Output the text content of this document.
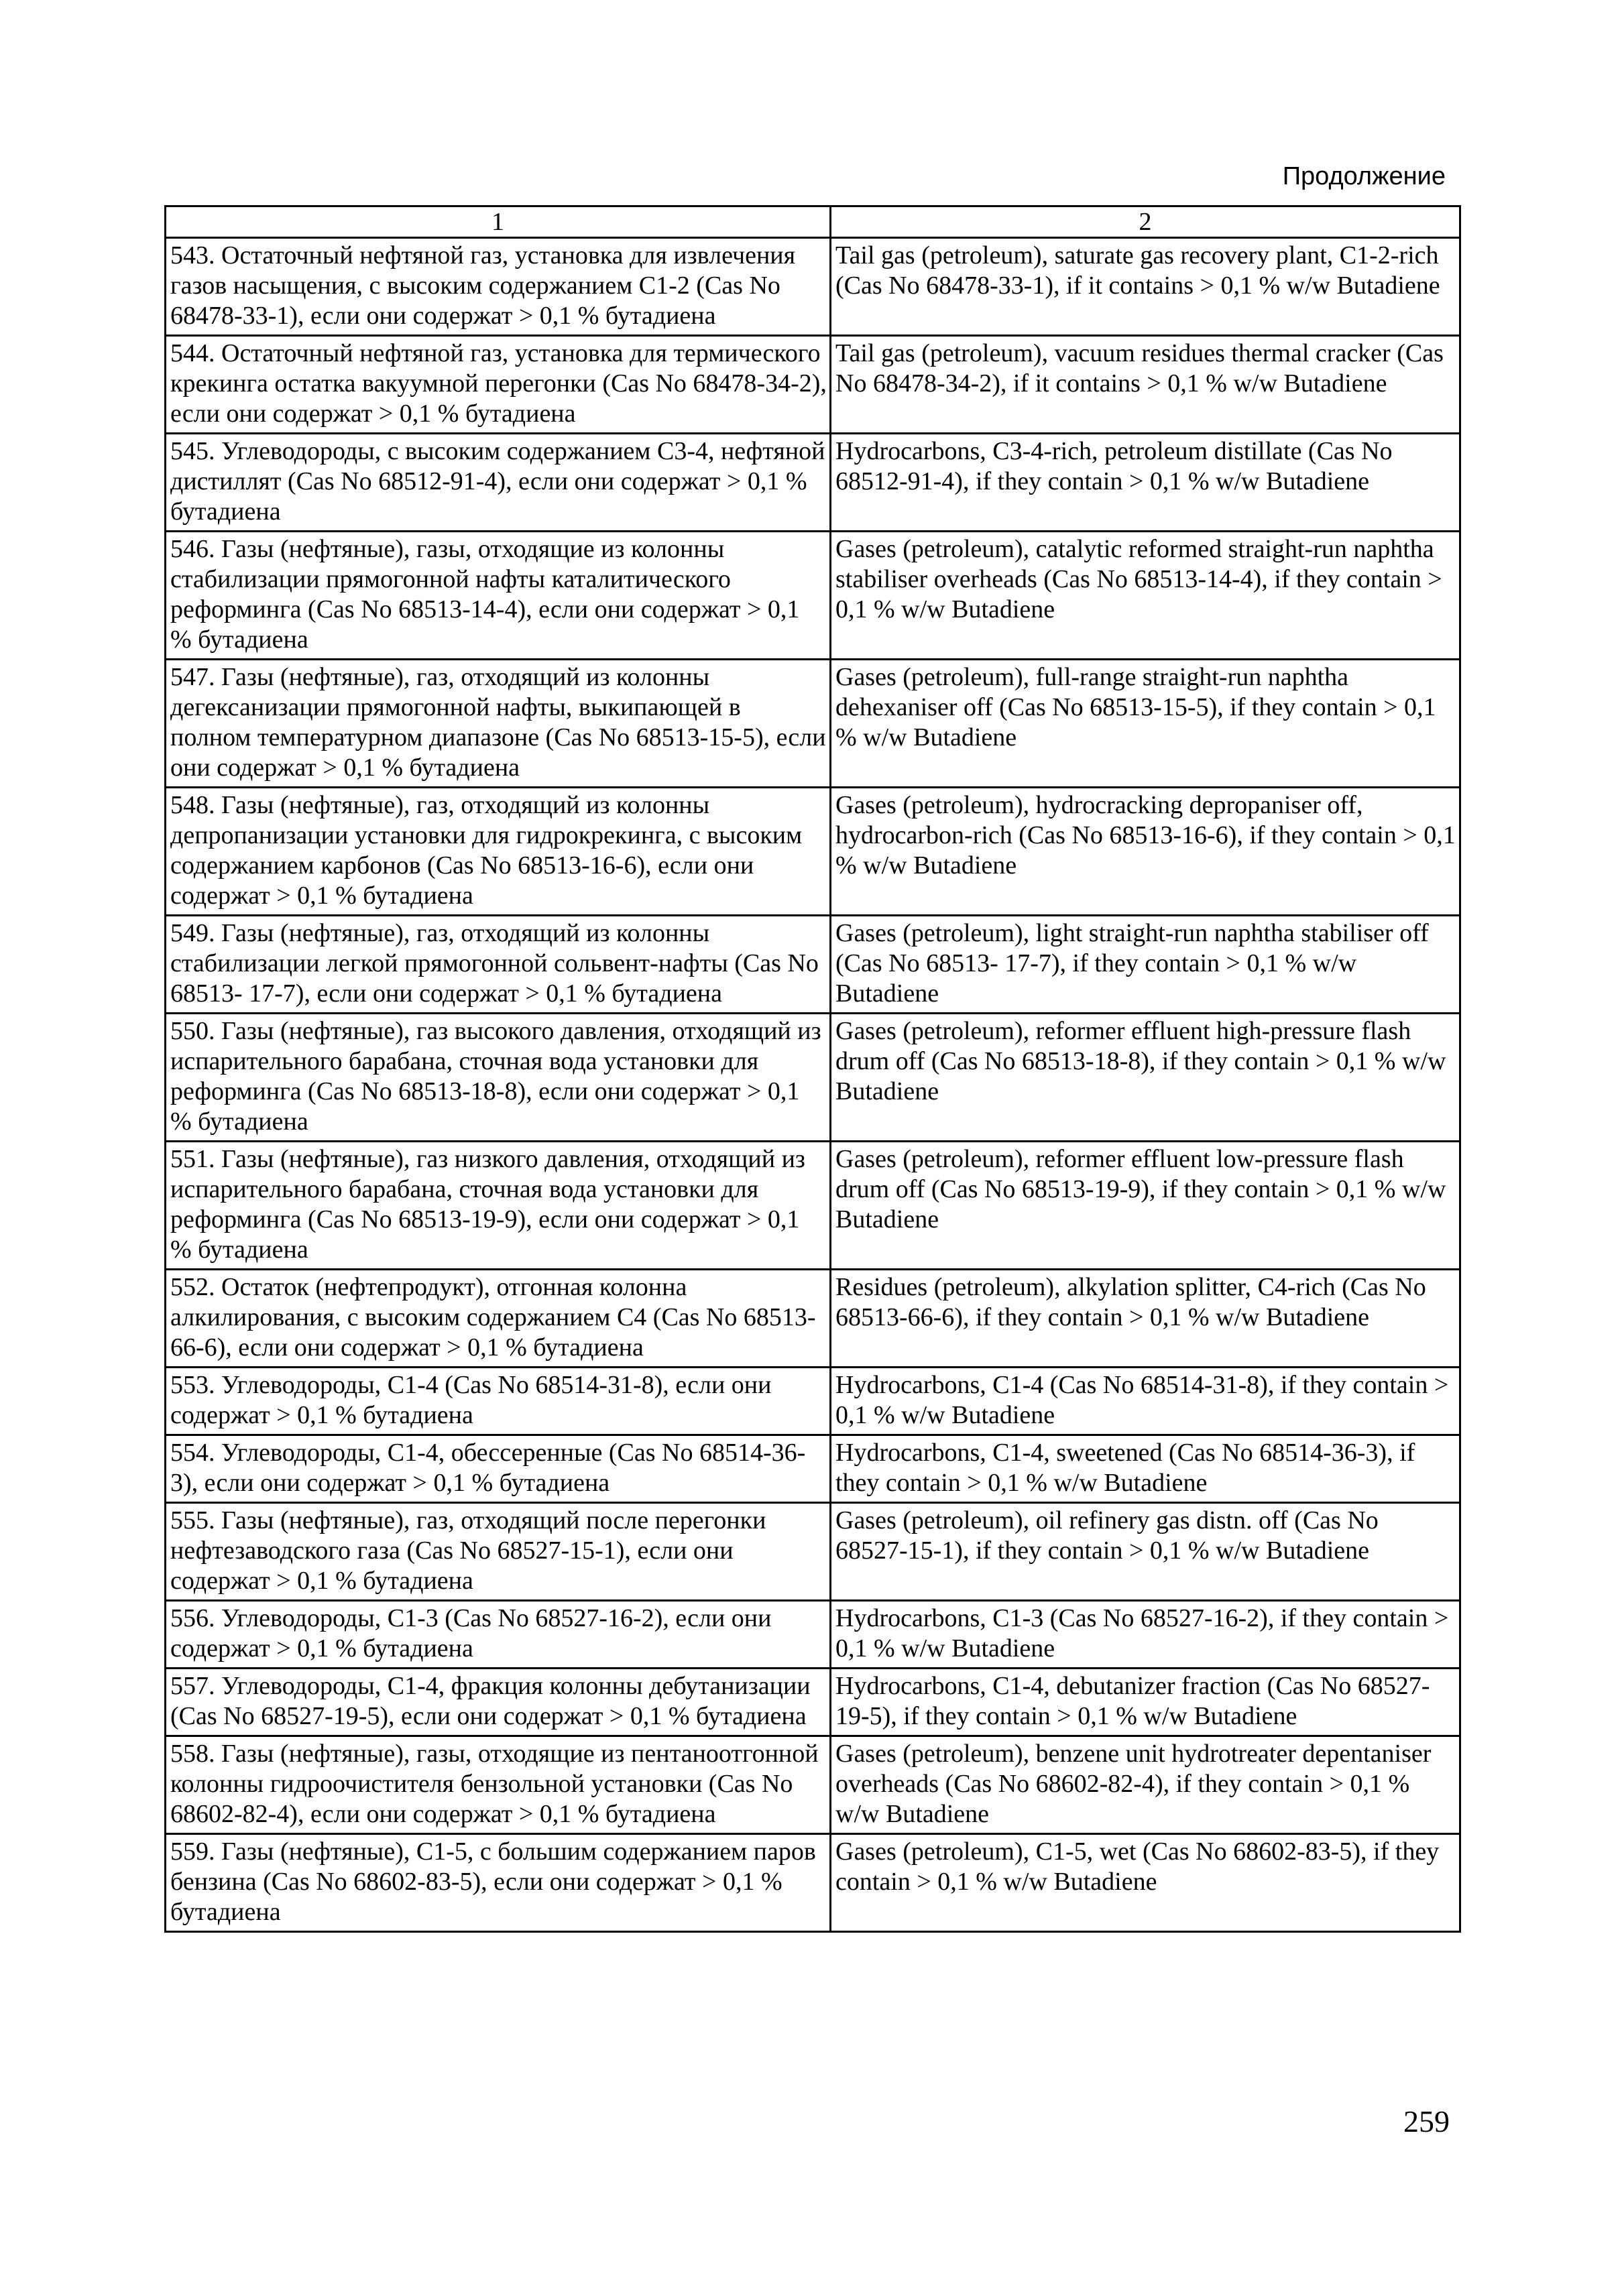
Продолжение
1	2
543. Остаточный нефтяной газ, установка для извлечения газов насыщения, с высоким содержанием C1-2 (Cas No 68478-33-1), если они содержат > 0,1 % бутадиена	Tail gas (petroleum), saturate gas recovery plant, C1-2-rich (Cas No 68478-33-1), if it contains > 0,1 % w/w Butadiene
544. Остаточный нефтяной газ, установка для термического крекинга остатка вакуумной перегонки (Cas No 68478-34-2), если они содержат > 0,1 % бутадиена	Tail gas (petroleum), vacuum residues thermal cracker (Cas No 68478-34-2), if it contains > 0,1 % w/w Butadiene
545. Углеводороды, с высоким содержанием C3-4, нефтяной дистиллят (Cas No 68512-91-4), если они содержат > 0,1 % бутадиена	Hydrocarbons, C3-4-rich, petroleum distillate (Cas No 68512-91-4), if they contain > 0,1 % w/w Butadiene
546. Газы (нефтяные), газы, отходящие из колонны стабилизации прямогонной нафты каталитического реформинга (Cas No 68513-14-4), если они содержат > 0,1 % бутадиена	Gases (petroleum), catalytic reformed straight-run naphtha stabiliser overheads (Cas No 68513-14-4), if they contain > 0,1 % w/w Butadiene
547. Газы (нефтяные), газ, отходящий из колонны дегексанизации прямогонной нафты, выкипающей в полном температурном диапазоне (Cas No 68513-15-5), если они содержат > 0,1 % бутадиена	Gases (petroleum), full-range straight-run naphtha dehexaniser off (Cas No 68513-15-5), if they contain > 0,1 % w/w Butadiene
548. Газы (нефтяные), газ, отходящий из колонны депропанизации установки для гидрокрекинга, с высоким содержанием карбонов (Cas No 68513-16-6), если они содержат > 0,1 % бутадиена	Gases (petroleum), hydrocracking depropaniser off, hydrocarbon-rich (Cas No 68513-16-6), if they contain > 0,1 % w/w Butadiene
549. Газы (нефтяные), газ, отходящий из колонны стабилизации легкой прямогонной сольвент-нафты (Cas No 68513- 17-7), если они содержат > 0,1 % бутадиена	Gases (petroleum), light straight-run naphtha stabiliser off (Cas No 68513- 17-7), if they contain > 0,1 % w/w Butadiene
550. Газы (нефтяные), газ высокого давления, отходящий из испарительного барабана, сточная вода установки для реформинга (Cas No 68513-18-8), если они содержат > 0,1 % бутадиена	Gases (petroleum), reformer effluent high-pressure flash drum off (Cas No 68513-18-8), if they contain > 0,1 % w/w Butadiene
551. Газы (нефтяные), газ низкого давления, отходящий из испарительного барабана, сточная вода установки для реформинга (Cas No 68513-19-9), если они содержат > 0,1 % бутадиена	Gases (petroleum), reformer effluent low-pressure flash drum off (Cas No 68513-19-9), if they contain > 0,1 % w/w Butadiene
552. Остаток (нефтепродукт), отгонная колонна алкилирования, с высоким содержанием C4 (Cas No 68513-66-6), если они содержат > 0,1 % бутадиена	Residues (petroleum), alkylation splitter, C4-rich (Cas No 68513-66-6), if they contain > 0,1 % w/w Butadiene
553. Углеводороды, C1-4 (Cas No 68514-31-8), если они содержат > 0,1 % бутадиена	Hydrocarbons, C1-4 (Cas No 68514-31-8), if they contain > 0,1 % w/w Butadiene
554. Углеводороды, C1-4, обессеренные (Cas No 68514-36-3), если они содержат > 0,1 % бутадиена	Hydrocarbons, C1-4, sweetened (Cas No 68514-36-3), if they contain > 0,1 % w/w Butadiene
555. Газы (нефтяные), газ, отходящий после перегонки нефтезаводского газа (Cas No 68527-15-1), если они содержат > 0,1 % бутадиена	Gases (petroleum), oil refinery gas distn. off (Cas No 68527-15-1), if they contain > 0,1 % w/w Butadiene
556. Углеводороды, C1-3 (Cas No 68527-16-2), если они содержат > 0,1 % бутадиена	Hydrocarbons, C1-3 (Cas No 68527-16-2), if they contain > 0,1 % w/w Butadiene
557. Углеводороды, C1-4, фракция колонны дебутанизации (Cas No 68527-19-5), если они содержат > 0,1 % бутадиена	Hydrocarbons, C1-4, debutanizer fraction (Cas No 68527-19-5), if they contain > 0,1 % w/w Butadiene
558. Газы (нефтяные), газы, отходящие из пентаноотгонной колонны гидроочистителя бензольной установки (Cas No 68602-82-4), если они содержат > 0,1 % бутадиена	Gases (petroleum), benzene unit hydrotreater depentaniser overheads (Cas No 68602-82-4), if they contain > 0,1 % w/w Butadiene
559. Газы (нефтяные), C1-5, с большим содержанием паров бензина (Cas No 68602-83-5), если они содержат > 0,1 % бутадиена	Gases (petroleum), C1-5, wet (Cas No 68602-83-5), if they contain > 0,1 % w/w Butadiene
259
